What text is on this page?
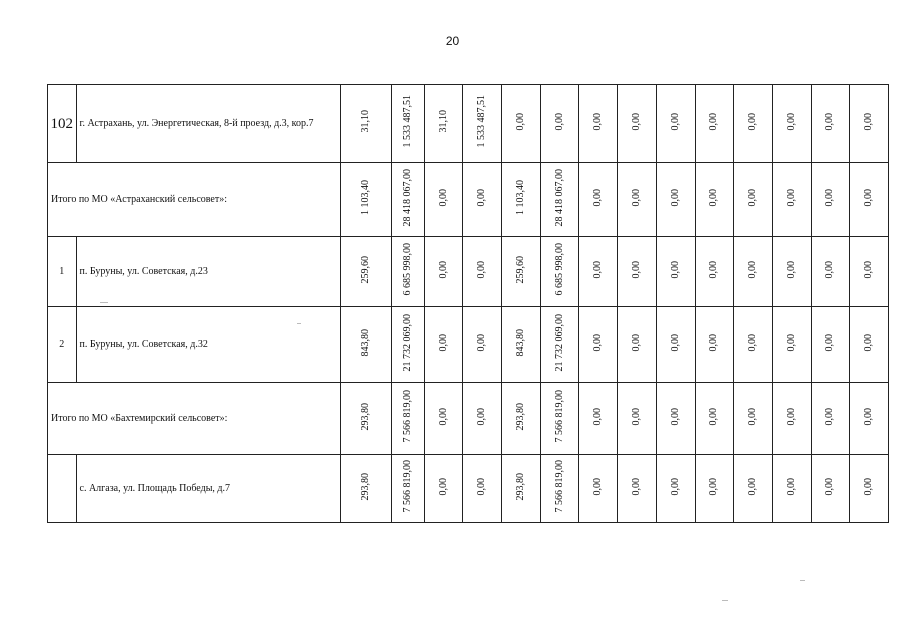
20
102	г. Астрахань, ул. Энергетическая, 8-й проезд, д.3, кор.7	31,10	1 533 487,51	31,10	1 533 487,51	0,00	0,00	0,00	0,00	0,00	0,00	0,00	0,00	0,00	0,00
Итого по МО «Астраханский сельсовет»:		1 103,40	28 418 067,00	0,00	0,00	1 103,40	28 418 067,00	0,00	0,00	0,00	0,00	0,00	0,00	0,00	0,00
1	п. Буруны, ул. Советская, д.23	259,60	6 685 998,00	0,00	0,00	259,60	6 685 998,00	0,00	0,00	0,00	0,00	0,00	0,00	0,00	0,00
2	п. Буруны, ул. Советская, д.32	843,80	21 732 069,00	0,00	0,00	843,80	21 732 069,00	0,00	0,00	0,00	0,00	0,00	0,00	0,00	0,00
Итого по МО «Бахтемирский сельсовет»:		293,80	7 566 819,00	0,00	0,00	293,80	7 566 819,00	0,00	0,00	0,00	0,00	0,00	0,00	0,00	0,00
	с. Алгаза, ул. Площадь Победы, д.7	293,80	7 566 819,00	0,00	0,00	293,80	7 566 819,00	0,00	0,00	0,00	0,00	0,00	0,00	0,00	0,00
